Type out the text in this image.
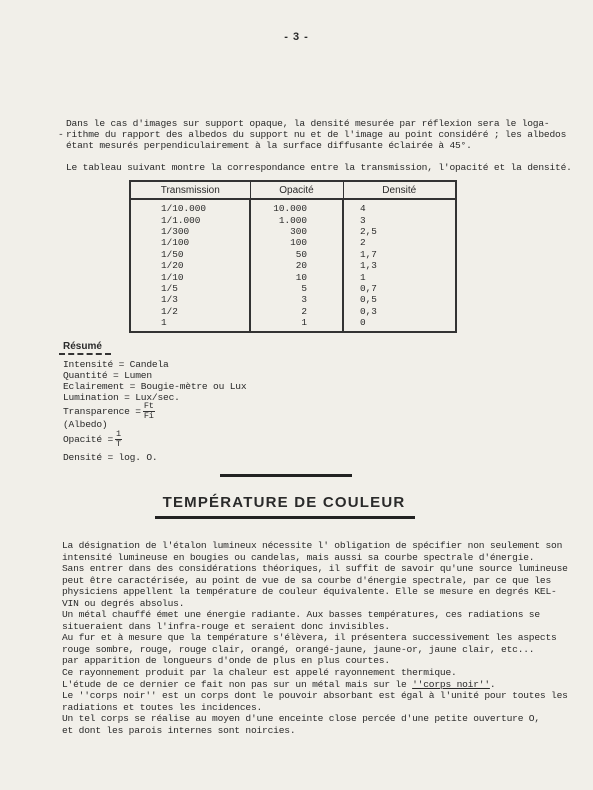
- 3 -
Dans le cas d'images sur support opaque, la densité mesurée par réflexion sera le loga-
- rithme du rapport des albedos du support nu et de l'image au point considéré ; les albedos
étant mesurés perpendiculairement à la surface diffusante éclairée à 45°.
Le tableau suivant montre la correspondance entre la transmission, l'opacité et la densité.
Transmission	Opacité	Densité
1/10.000	10.000	4
1/1.000	1.000	3
1/300	300	2,5
1/100	100	2
1/50	50	1,7
1/20	20	1,3
1/10	10	1
1/5	5	0,7
1/3	3	0,5
1/2	2	0,3
1	1	0
Résumé
Intensité = Candela
Quantité = Lumen
Eclairement = Bougie-mètre ou Lux
Lumination = Lux/sec.
Transparence = $\frac{Ft}{Fi}$
(Albedo)
Opacité = $\frac{1}{T}$
Densité = log. O.
TEMPÉRATURE DE COULEUR
La désignation de l'étalon lumineux nécessite l' obligation de spécifier non seulement son
intensité lumineuse en bougies ou candelas, mais aussi sa courbe spectrale d'énergie.
Sans entrer dans des considérations théoriques, il suffit de savoir qu'une source lumineuse
peut être caractérisée, au point de vue de sa courbe d'énergie spectrale, par ce que les
physiciens appellent la température de couleur équivalente. Elle se mesure en degrés KEL-
VIN ou degrés absolus.
Un métal chauffé émet une énergie radiante. Aux basses températures, ces radiations se
situeraient dans l'infra-rouge et seraient donc invisibles.
Au fur et à mesure que la température s'élèvera, il présentera successivement les aspects
rouge sombre, rouge, rouge clair, orangé, orangé-jaune, jaune-or, jaune clair, etc...
par apparition de longueurs d'onde de plus en plus courtes.
Ce rayonnement produit par la chaleur est appelé rayonnement thermique.
L'étude de ce dernier ce fait non pas sur un métal mais sur le ''corps noir''.
Le ''corps noir'' est un corps dont le pouvoir absorbant est égal à l'unité pour toutes les
radiations et toutes les incidences.
Un tel corps se réalise au moyen d'une enceinte close percée d'une petite ouverture O,
et dont les parois internes sont noircies.
